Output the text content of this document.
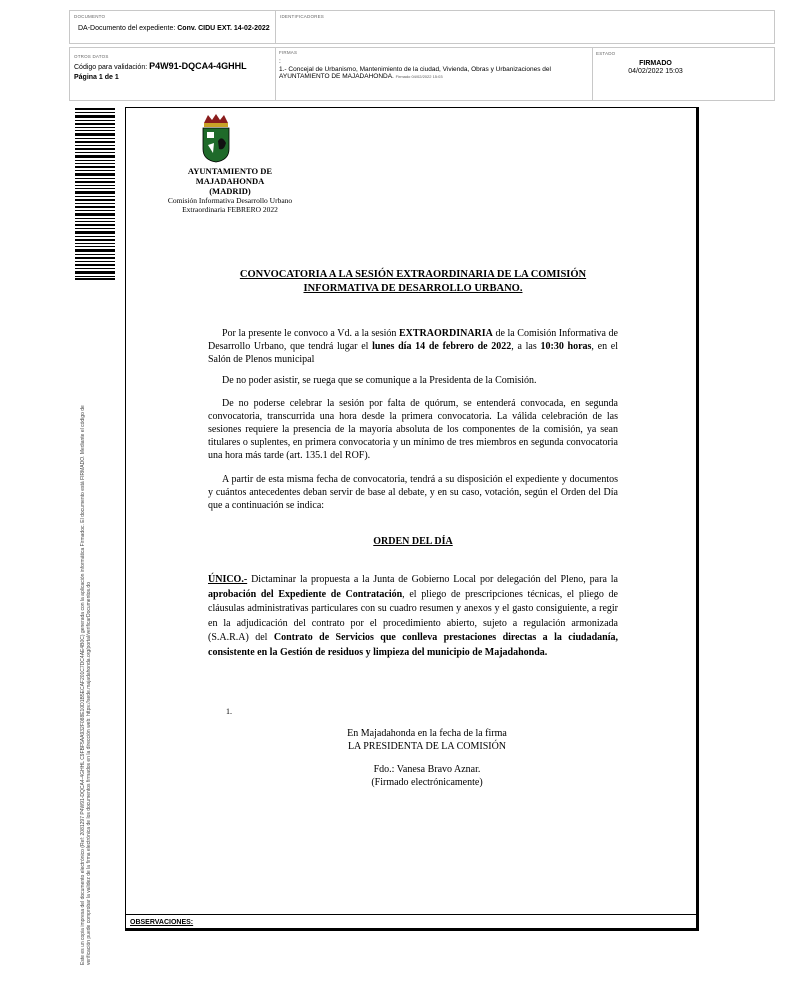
DOCUMENTO
DA-Documento del expediente: Conv. CIDU EXT. 14-02-2022
IDENTIFICADORES
OTROS DATOS
Código para validación: P4W91-DQCA4-4GHHL
Página 1 de 1
FIRMAS
:
1.- Concejal de Urbanismo, Mantenimiento de la ciudad, Vivienda, Obras y Urbanizaciones del
AYUNTAMIENTO DE MAJADAHONDA. Firmado 04/02/2022 15:03
ESTADO
FIRMADO
04/02/2022 15:03
Este es un copia impresa del documento electrónico (Ref: 2081297 P4W91-DQCA4-4GHHL C9FBF5AA932F088E10D1B5ECAF201C7DC4AE4B0C) generada con la aplicación informática Firmadoc. El documento está FIRMADO. Mediante el código de verificación puede comprobar la validez de la firma electrónica de los documentos firmados en la dirección web: https://sede.majadahonda.org/portal/verificarDocumentos.do
AYUNTAMIENTO DE
MAJADAHONDA
(MADRID)
Comisión Informativa Desarrollo Urbano
Extraordinaria FEBRERO 2022
CONVOCATORIA A LA SESIÓN EXTRAORDINARIA DE LA COMISIÓN
INFORMATIVA DE DESARROLLO URBANO.
Por la presente le convoco a Vd. a la sesión EXTRAORDINARIA de la Comisión Informativa de Desarrollo Urbano, que tendrá lugar el lunes día 14 de febrero de 2022, a las 10:30 horas, en el Salón de Plenos municipal
De no poder asistir, se ruega que se comunique a la Presidenta de la Comisión.
De no poderse celebrar la sesión por falta de quórum, se entenderá convocada, en segunda convocatoria, transcurrida una hora desde la primera convocatoria. La válida celebración de las sesiones requiere la presencia de la mayoría absoluta de los componentes de la comisión, ya sean titulares o suplentes, en primera convocatoria y un mínimo de tres miembros en segunda convocatoria una hora más tarde (art. 135.1 del ROF).
A partir de esta misma fecha de convocatoria, tendrá a su disposición el expediente y documentos y cuántos antecedentes deban servir de base al debate, y en su caso, votación, según el Orden del Día que a continuación se indica:
ORDEN DEL DÍA
ÚNICO.- Dictaminar la propuesta a la Junta de Gobierno Local por delegación del Pleno, para la aprobación del Expediente de Contratación, el pliego de prescripciones técnicas, el pliego de cláusulas administrativas particulares con su cuadro resumen y anexos y el gasto consiguiente, a regir en la adjudicación del contrato por el procedimiento abierto, sujeto a regulación armonizada (S.A.R.A) del Contrato de Servicios que conlleva prestaciones directas a la ciudadanía, consistente en la Gestión de residuos y limpieza del municipio de Majadahonda.
1.
En Majadahonda en la fecha de la firma
LA PRESIDENTA DE LA COMISIÓN
Fdo.: Vanesa Bravo Aznar.
(Firmado electrónicamente)
OBSERVACIONES:
